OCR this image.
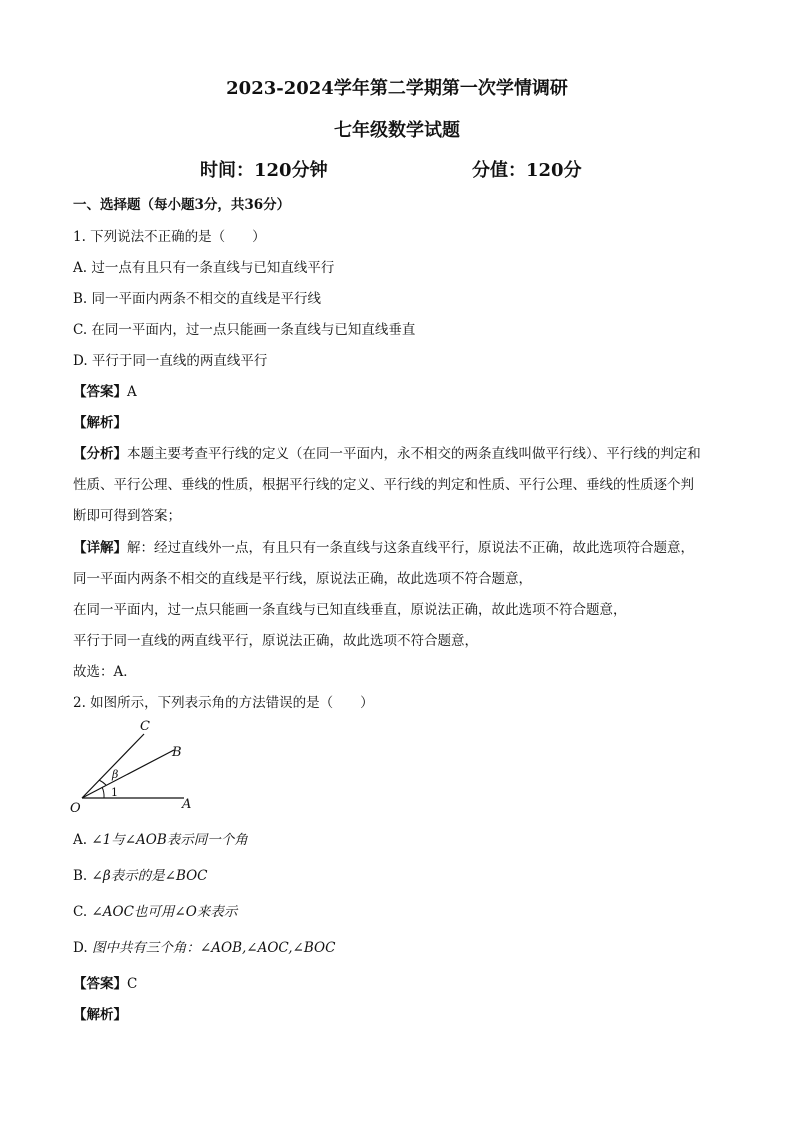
2023-2024学年第二学期第一次学情调研
七年级数学试题
时间：120分钟	分值：120分
一、选择题（每小题3分，共36分）
1. 下列说法不正确的是（　　）
A. 过一点有且只有一条直线与已知直线平行
B. 同一平面内两条不相交的直线是平行线
C. 在同一平面内，过一点只能画一条直线与已知直线垂直
D. 平行于同一直线的两直线平行
【答案】A
【解析】
【分析】本题主要考查平行线的定义（在同一平面内，永不相交的两条直线叫做平行线）、平行线的判定和
性质、平行公理、垂线的性质，根据平行线的定义、平行线的判定和性质、平行公理、垂线的性质逐个判
断即可得到答案；
【详解】解：经过直线外一点，有且只有一条直线与这条直线平行，原说法不正确，故此选项符合题意，
同一平面内两条不相交的直线是平行线，原说法正确，故此选项不符合题意，
在同一平面内，过一点只能画一条直线与已知直线垂直，原说法正确，故此选项不符合题意，
平行于同一直线的两直线平行，原说法正确，故此选项不符合题意，
故选：A．
2. 如图所示，下列表示角的方法错误的是（　　）
C
B
O	A
β
1
A. ∠1与∠AOB表示同一个角
B. ∠β表示的是∠BOC
C. ∠AOC也可用∠O来表示
D. 图中共有三个角：∠AOB,∠AOC,∠BOC
【答案】C
【解析】
